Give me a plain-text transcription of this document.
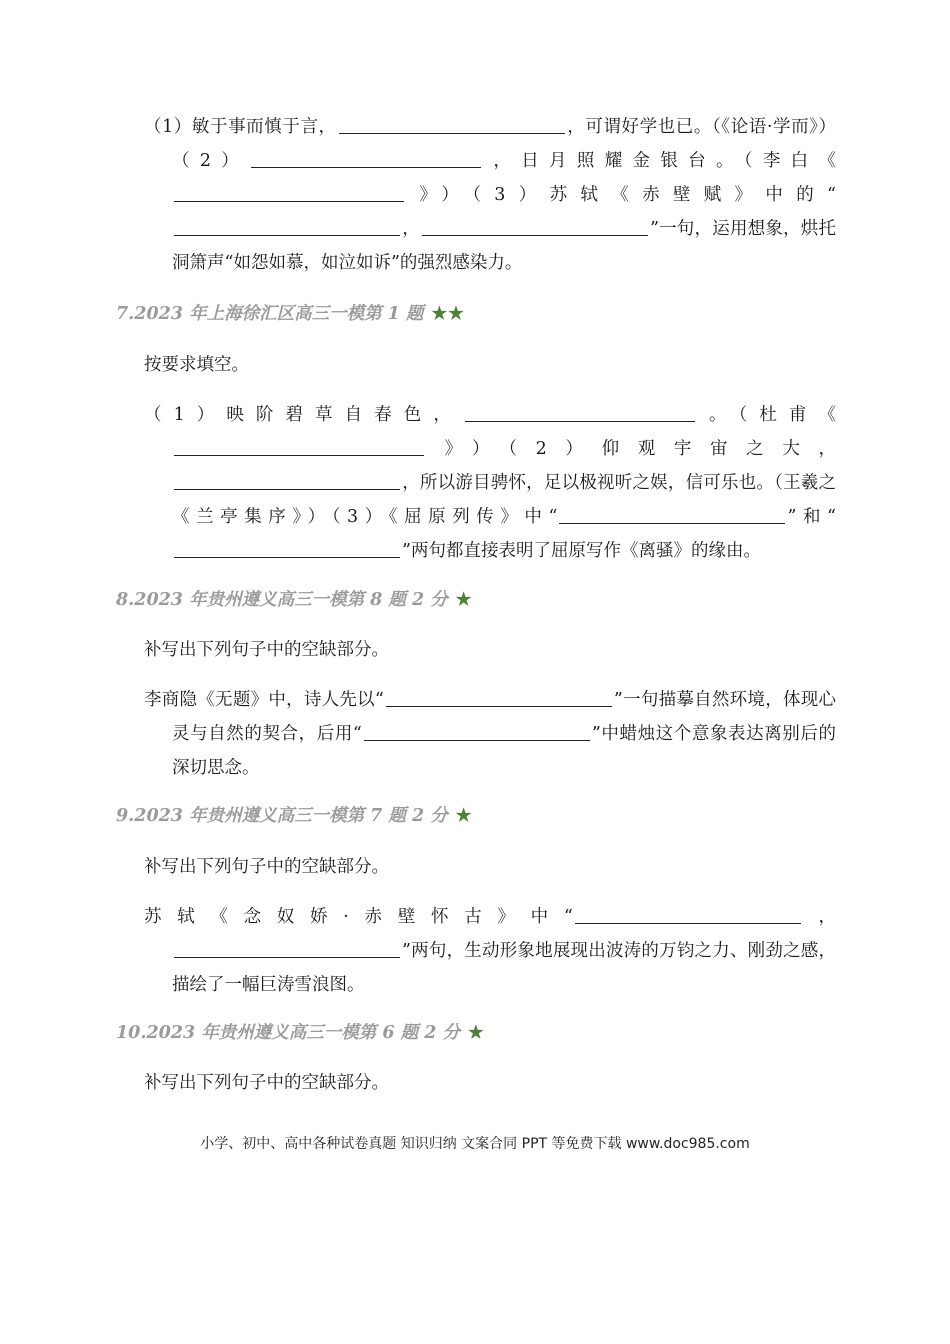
（1）敏于事而慎于言，	，可谓好学也已。（《论语·学而》）（2）	，日月照耀金银台。（李白《》）（3）苏轼《赤壁赋》中的“，	”一句，运用想象，烘托洞箫声“如怨如慕，如泣如诉”的强烈感染力。
7.2023 年上海徐汇区高三一模第 1 题 ★★
按要求填空。
（1）映阶碧草自春色，	。（杜甫《》）（2）仰观宇宙之大，，所以游目骋怀，足以极视听之娱，信可乐也。（王羲之《兰亭集序》）（3）《屈原列传》中“	”和“”两句都直接表明了屈原写作《离骚》的缘由。
8.2023 年贵州遵义高三一模第 8 题 2 分 ★
补写出下列句子中的空缺部分。
李商隐《无题》中，诗人先以“	”一句描摹自然环境，体现心灵与自然的契合，后用“	”中蜡烛这个意象表达离别后的深切思念。
9.2023 年贵州遵义高三一模第 7 题 2 分 ★
补写出下列句子中的空缺部分。
苏轼《念奴娇·赤壁怀古》中“	，”两句，生动形象地展现出波涛的万钧之力、刚劲之感，描绘了一幅巨涛雪浪图。
10.2023 年贵州遵义高三一模第 6 题 2 分 ★
补写出下列句子中的空缺部分。
小学、初中、高中各种试卷真题 知识归纳 文案合同 PPT 等免费下载 www.doc985.com
